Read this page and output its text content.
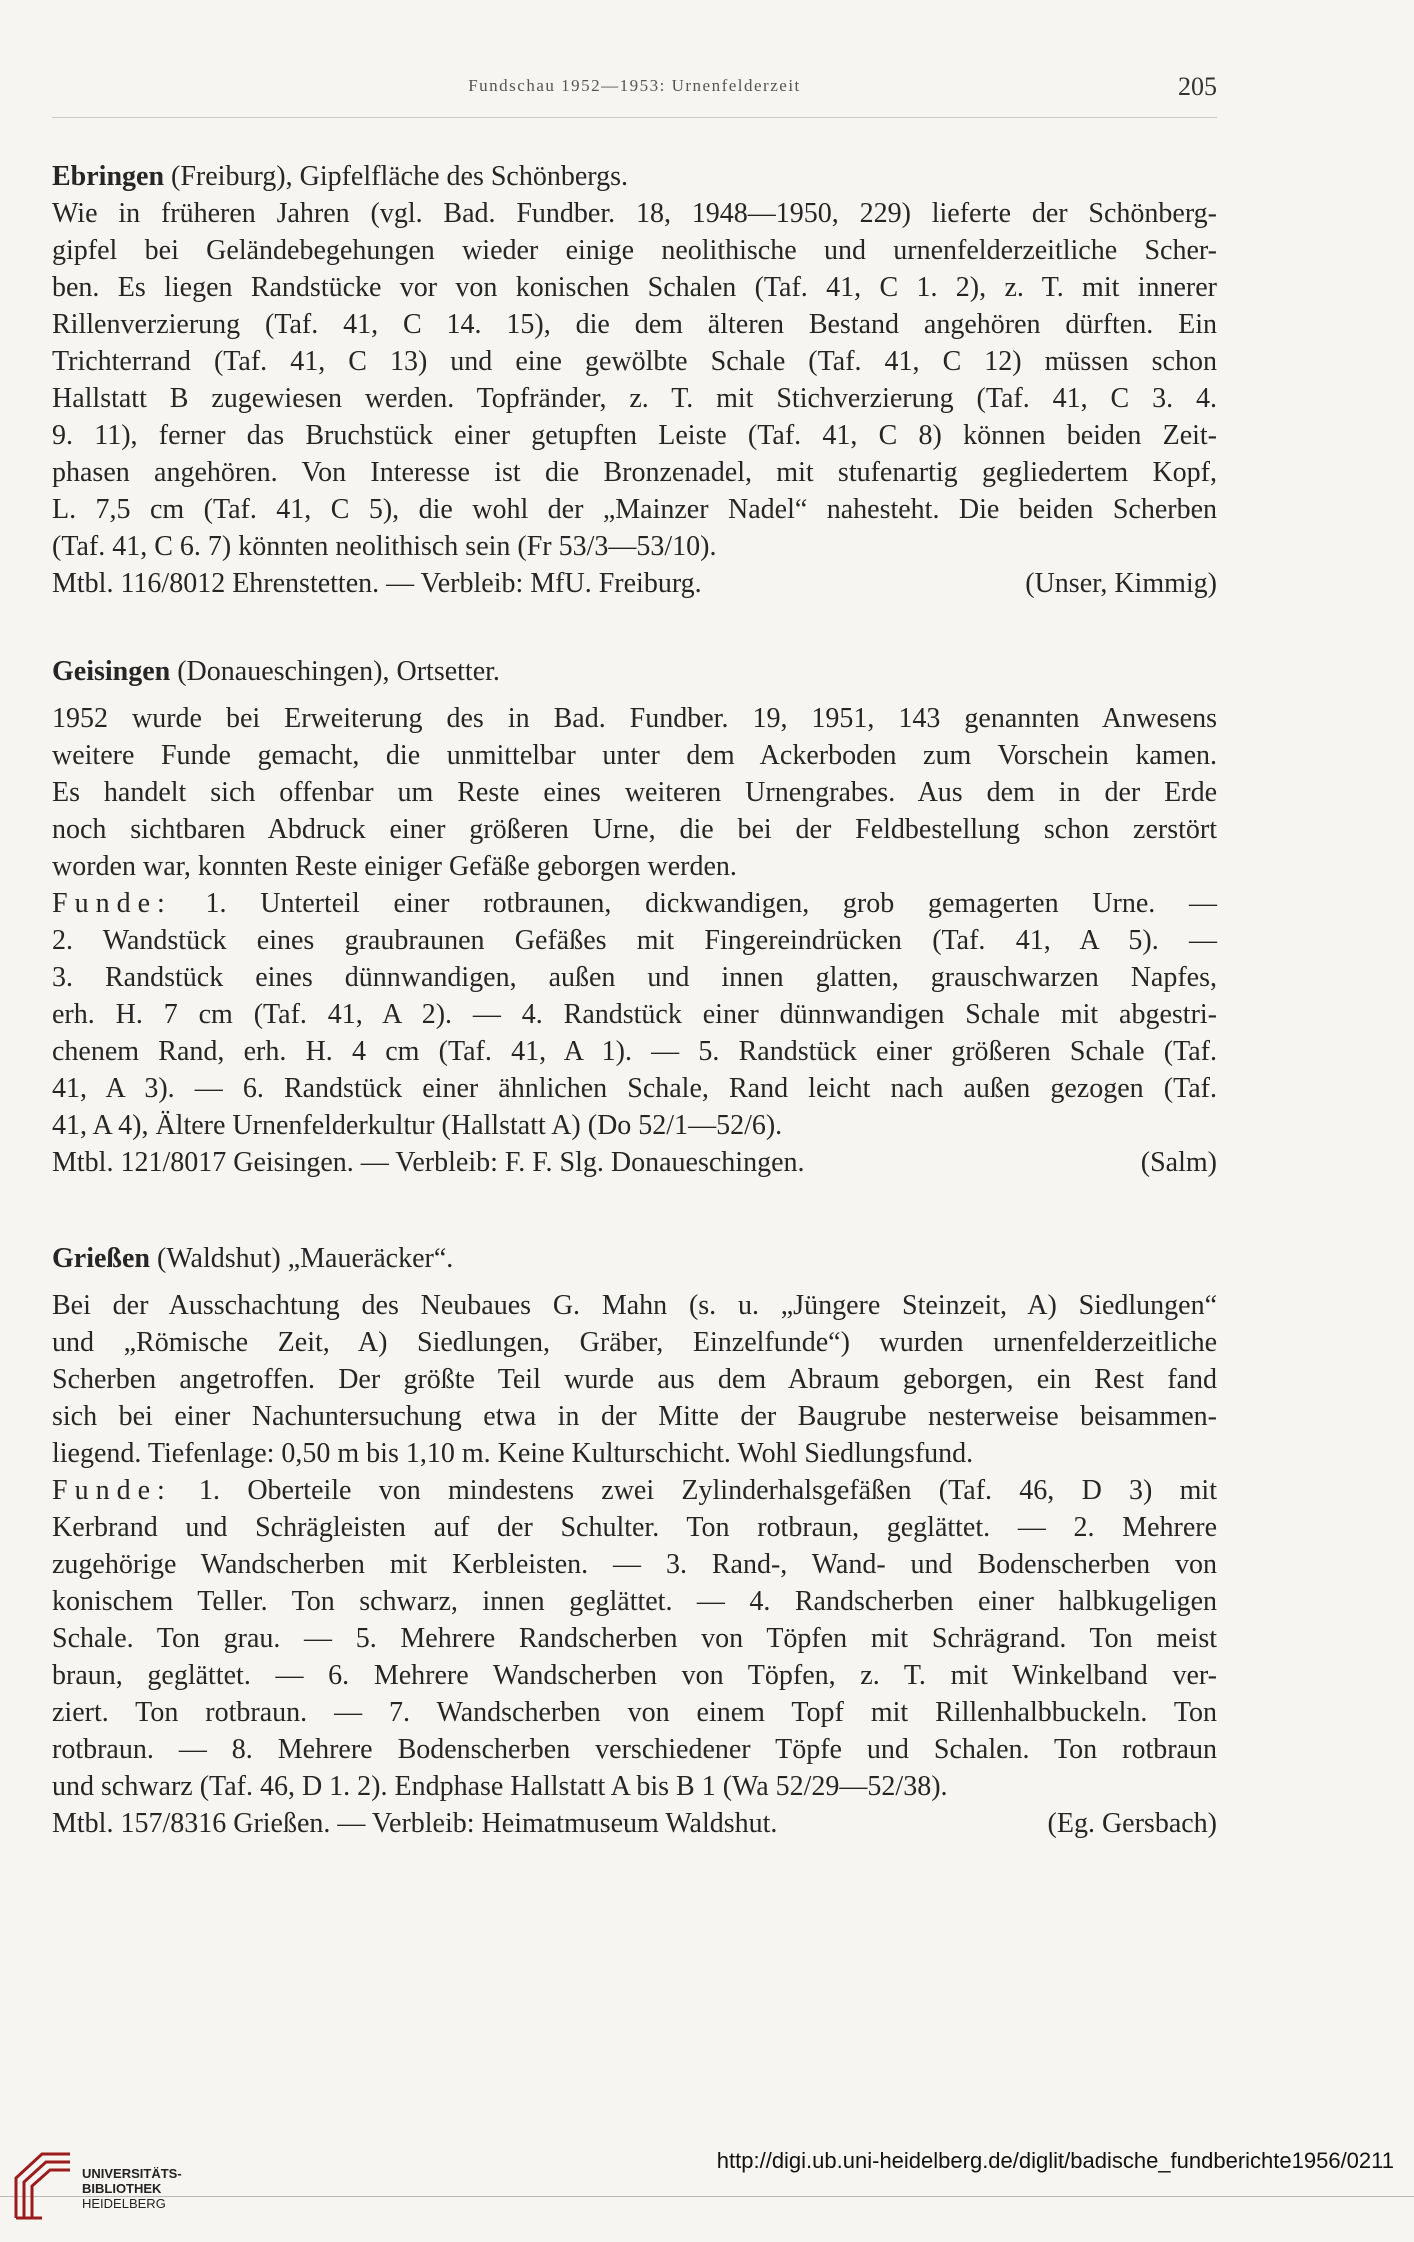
Fundschau 1952—1953: Urnenfelderzeit	205
Ebringen (Freiburg), Gipfelfläche des Schönbergs.
Wie in früheren Jahren (vgl. Bad. Fundber. 18, 1948—1950, 229) lieferte der Schönberg-
gipfel bei Geländebegehungen wieder einige neolithische und urnenfelderzeitliche Scher-
ben. Es liegen Randstücke vor von konischen Schalen (Taf. 41, C 1. 2), z. T. mit innerer
Rillenverzierung (Taf. 41, C 14. 15), die dem älteren Bestand angehören dürften. Ein
Trichterrand (Taf. 41, C 13) und eine gewölbte Schale (Taf. 41, C 12) müssen schon
Hallstatt B zugewiesen werden. Topfränder, z. T. mit Stichverzierung (Taf. 41, C 3. 4.
9. 11), ferner das Bruchstück einer getupften Leiste (Taf. 41, C 8) können beiden Zeit-
phasen angehören. Von Interesse ist die Bronzenadel, mit stufenartig gegliedertem Kopf,
L. 7,5 cm (Taf. 41, C 5), die wohl der „Mainzer Nadel“ nahesteht. Die beiden Scherben
(Taf. 41, C 6. 7) könnten neolithisch sein (Fr 53/3—53/10).
Mtbl. 116/8012 Ehrenstetten. — Verbleib: MfU. Freiburg.	(Unser, Kimmig)
Geisingen (Donaueschingen), Ortsetter.
1952 wurde bei Erweiterung des in Bad. Fundber. 19, 1951, 143 genannten Anwesens
weitere Funde gemacht, die unmittelbar unter dem Ackerboden zum Vorschein kamen.
Es handelt sich offenbar um Reste eines weiteren Urnengrabes. Aus dem in der Erde
noch sichtbaren Abdruck einer größeren Urne, die bei der Feldbestellung schon zerstört
worden war, konnten Reste einiger Gefäße geborgen werden.
Funde: 1. Unterteil einer rotbraunen, dickwandigen, grob gemagerten Urne. —
2. Wandstück eines graubraunen Gefäßes mit Fingereindrücken (Taf. 41, A 5). —
3. Randstück eines dünnwandigen, außen und innen glatten, grauschwarzen Napfes,
erh. H. 7 cm (Taf. 41, A 2). — 4. Randstück einer dünnwandigen Schale mit abgestri-
chenem Rand, erh. H. 4 cm (Taf. 41, A 1). — 5. Randstück einer größeren Schale (Taf.
41, A 3). — 6. Randstück einer ähnlichen Schale, Rand leicht nach außen gezogen (Taf.
41, A 4), Ältere Urnenfelderkultur (Hallstatt A) (Do 52/1—52/6).
Mtbl. 121/8017 Geisingen. — Verbleib: F. F. Slg. Donaueschingen.	(Salm)
Grießen (Waldshut) „Maueräcker“.
Bei der Ausschachtung des Neubaues G. Mahn (s. u. „Jüngere Steinzeit, A) Siedlungen“
und „Römische Zeit, A) Siedlungen, Gräber, Einzelfunde“) wurden urnenfelderzeitliche
Scherben angetroffen. Der größte Teil wurde aus dem Abraum geborgen, ein Rest fand
sich bei einer Nachuntersuchung etwa in der Mitte der Baugrube nesterweise beisammen-
liegend. Tiefenlage: 0,50 m bis 1,10 m. Keine Kulturschicht. Wohl Siedlungsfund.
Funde: 1. Oberteile von mindestens zwei Zylinderhalsgefäßen (Taf. 46, D 3) mit
Kerbrand und Schrägleisten auf der Schulter. Ton rotbraun, geglättet. — 2. Mehrere
zugehörige Wandscherben mit Kerbleisten. — 3. Rand-, Wand- und Bodenscherben von
konischem Teller. Ton schwarz, innen geglättet. — 4. Randscherben einer halbkugeligen
Schale. Ton grau. — 5. Mehrere Randscherben von Töpfen mit Schrägrand. Ton meist
braun, geglättet. — 6. Mehrere Wandscherben von Töpfen, z. T. mit Winkelband ver-
ziert. Ton rotbraun. — 7. Wandscherben von einem Topf mit Rillenhalbbuckeln. Ton
rotbraun. — 8. Mehrere Bodenscherben verschiedener Töpfe und Schalen. Ton rotbraun
und schwarz (Taf. 46, D 1. 2). Endphase Hallstatt A bis B 1 (Wa 52/29—52/38).
Mtbl. 157/8316 Grießen. — Verbleib: Heimatmuseum Waldshut.	(Eg. Gersbach)
UNIVERSITÄTS-
BIBLIOTHEK
HEIDELBERG
http://digi.ub.uni-heidelberg.de/diglit/badische_fundberichte1956/0211
